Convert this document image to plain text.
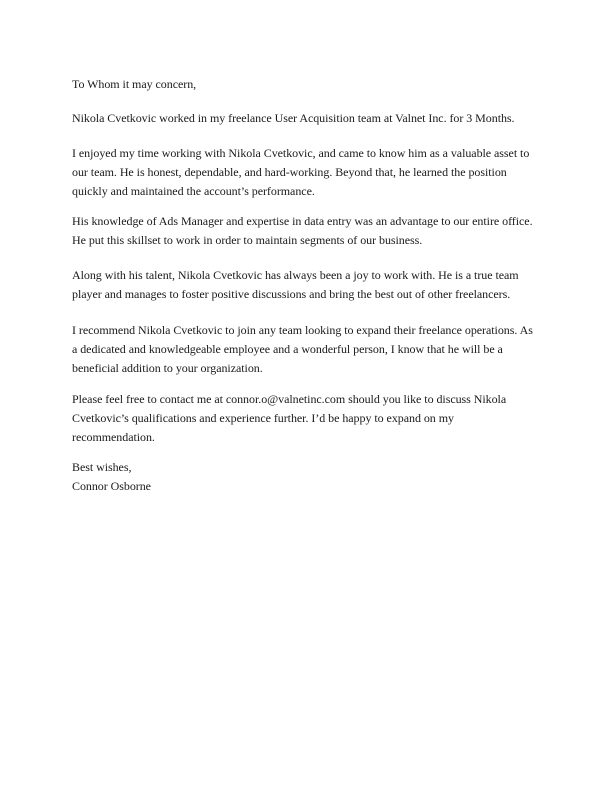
To Whom it may concern,
Nikola Cvetkovic worked in my freelance User Acquisition team at Valnet Inc. for 3 Months.
I enjoyed my time working with Nikola Cvetkovic, and came to know him as a valuable asset to
our team. He is honest, dependable, and hard-working. Beyond that, he learned the position
quickly and maintained the account’s performance.
His knowledge of Ads Manager and expertise in data entry was an advantage to our entire office.
He put this skillset to work in order to maintain segments of our business.
Along with his talent, Nikola Cvetkovic has always been a joy to work with. He is a true team
player and manages to foster positive discussions and bring the best out of other freelancers.
I recommend Nikola Cvetkovic to join any team looking to expand their freelance operations. As
a dedicated and knowledgeable employee and a wonderful person, I know that he will be a
beneficial addition to your organization.
Please feel free to contact me at connor.o@valnetinc.com should you like to discuss Nikola
Cvetkovic’s qualifications and experience further. I’d be happy to expand on my
recommendation.
Best wishes,
Connor Osborne
